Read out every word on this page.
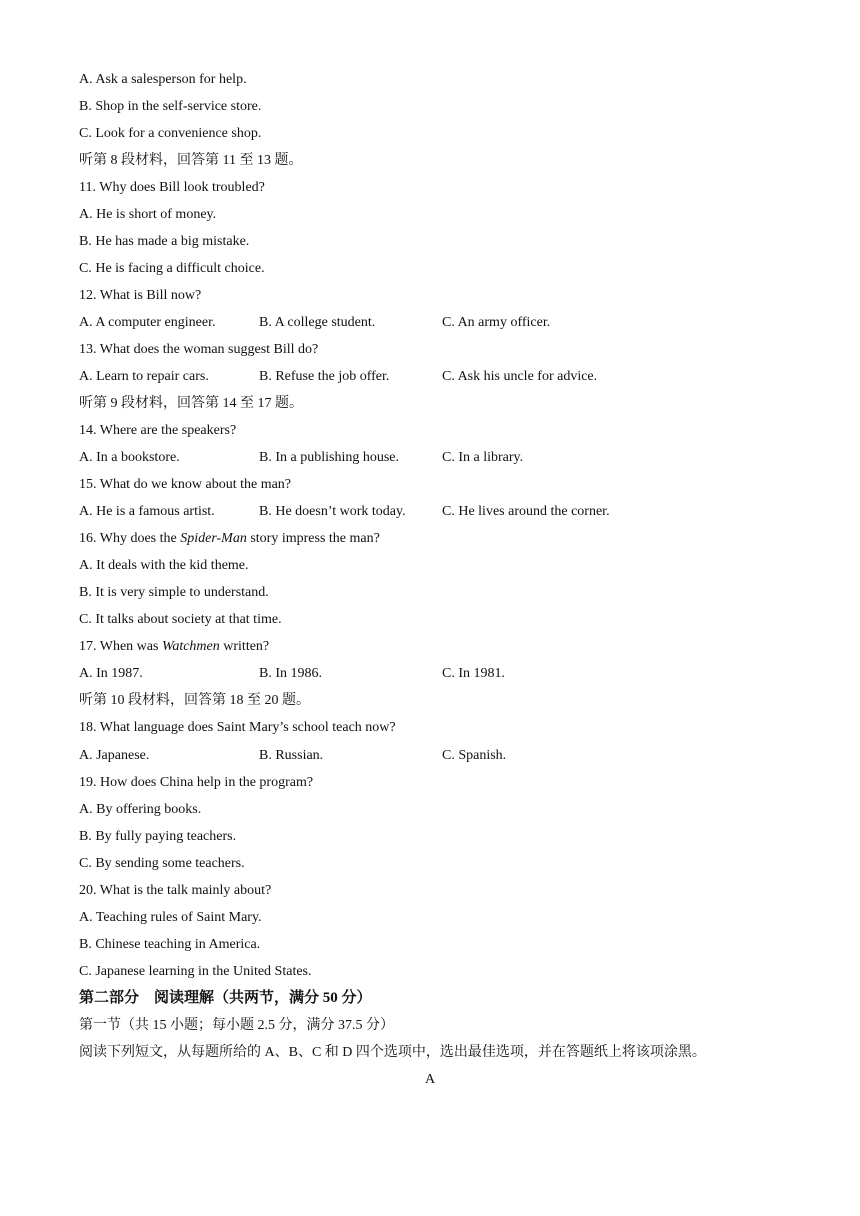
A. Ask a salesperson for help.
B. Shop in the self-service store.
C. Look for a convenience shop.
听第 8 段材料，回答第 11 至 13 题。
11. Why does Bill look troubled?
A. He is short of money.
B. He has made a big mistake.
C. He is facing a difficult choice.
12. What is Bill now?
A. A computer engineer.	B. A college student.	C. An army officer.
13. What does the woman suggest Bill do?
A. Learn to repair cars.	B. Refuse the job offer.	C. Ask his uncle for advice.
听第 9 段材料，回答第 14 至 17 题。
14. Where are the speakers?
A. In a bookstore.	B. In a publishing house.	C. In a library.
15. What do we know about the man?
A. He is a famous artist.	B. He doesn’t work today.	C. He lives around the corner.
16. Why does the Spider-Man story impress the man?
A. It deals with the kid theme.
B. It is very simple to understand.
C. It talks about society at that time.
17. When was Watchmen written?
A. In 1987.	B. In 1986.	C. In 1981.
听第 10 段材料，回答第 18 至 20 题。
18. What language does Saint Mary’s school teach now?
A. Japanese.	B. Russian.	C. Spanish.
19. How does China help in the program?
A. By offering books.
B. By fully paying teachers.
C. By sending some teachers.
20. What is the talk mainly about?
A. Teaching rules of Saint Mary.
B. Chinese teaching in America.
C. Japanese learning in the United States.
第二部分　阅读理解（共两节，满分 50 分）
第一节（共 15 小题；每小题 2.5 分，满分 37.5 分）
阅读下列短文，从每题所给的 A、B、C 和 D 四个选项中，选出最佳选项，并在答题纸上将该项涂黑。
A
